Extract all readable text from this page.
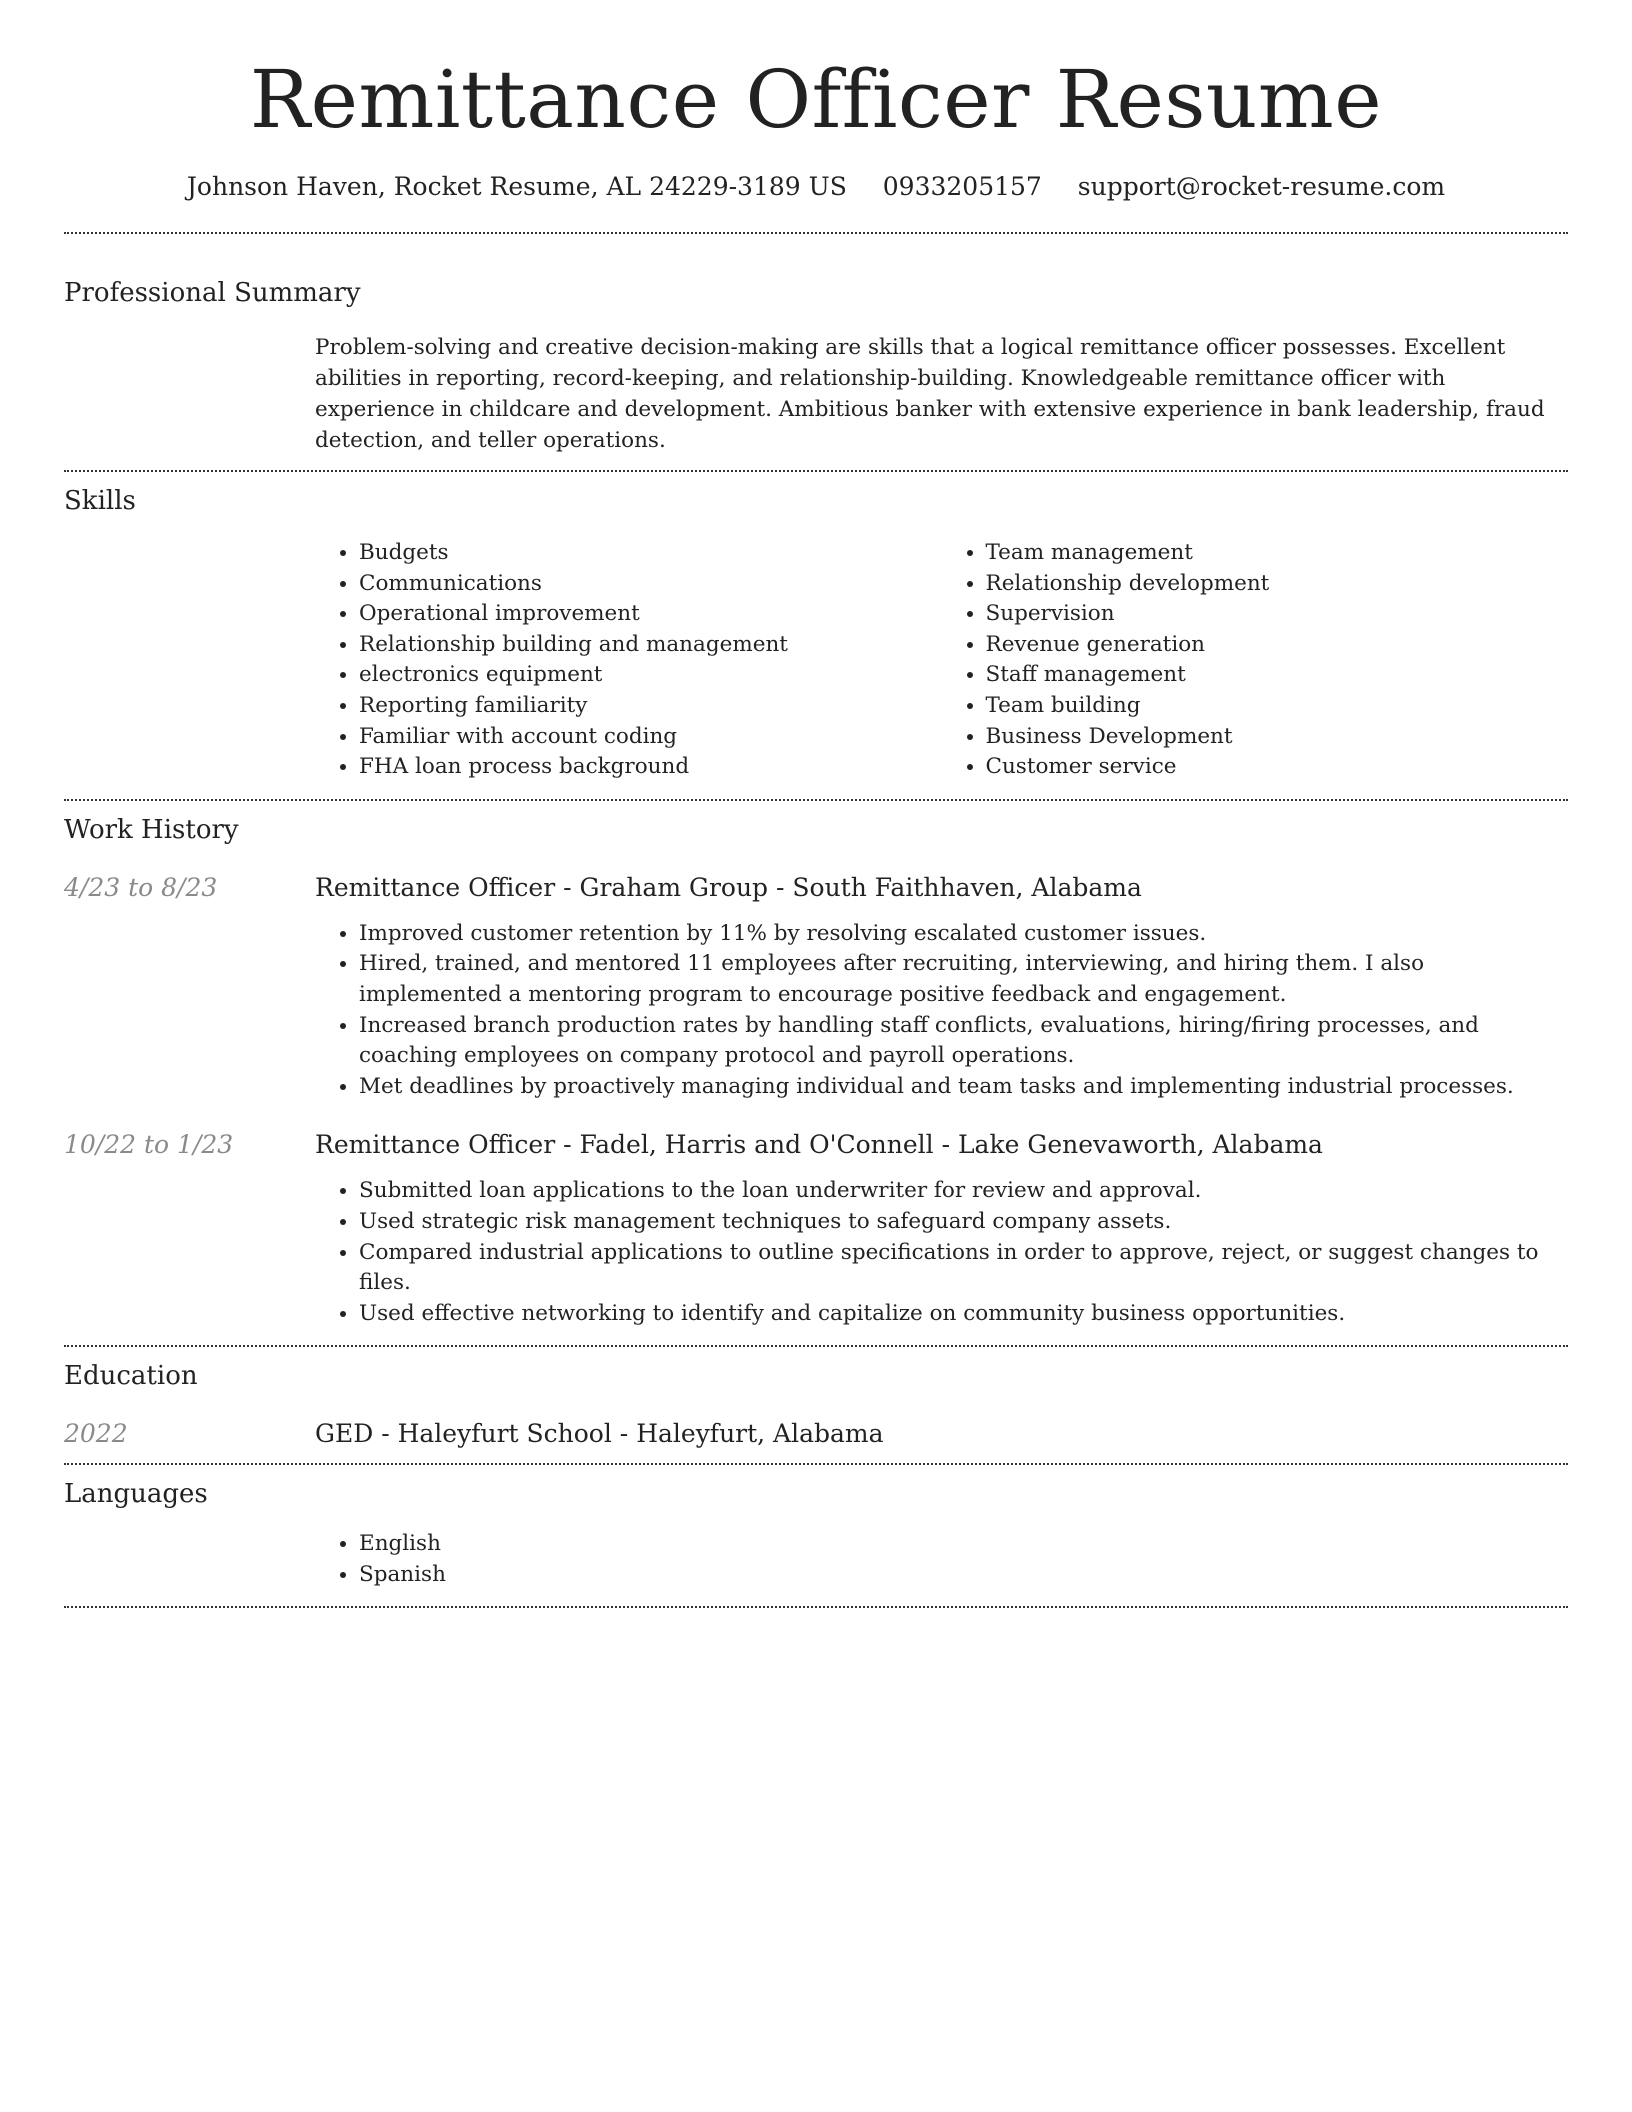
Remittance Officer Resume
Johnson Haven, Rocket Resume, AL 24229-3189 US 0933205157 support@rocket-resume.com
Professional Summary
Problem-solving and creative decision-making are skills that a logical remittance officer possesses. Excellent abilities in reporting, record-keeping, and relationship-building. Knowledgeable remittance officer with experience in childcare and development. Ambitious banker with extensive experience in bank leadership, fraud detection, and teller operations.
Skills
• Budgets
• Communications
• Operational improvement
• Relationship building and management
• electronics equipment
• Reporting familiarity
• Familiar with account coding
• FHA loan process background
• Team management
• Relationship development
• Supervision
• Revenue generation
• Staff management
• Team building
• Business Development
• Customer service
Work History
4/23 to 8/23	Remittance Officer - Graham Group - South Faithhaven, Alabama
• Improved customer retention by 11% by resolving escalated customer issues.
• Hired, trained, and mentored 11 employees after recruiting, interviewing, and hiring them. I also implemented a mentoring program to encourage positive feedback and engagement.
• Increased branch production rates by handling staff conflicts, evaluations, hiring/firing processes, and coaching employees on company protocol and payroll operations.
• Met deadlines by proactively managing individual and team tasks and implementing industrial processes.
10/22 to 1/23	Remittance Officer - Fadel, Harris and O'Connell - Lake Genevaworth, Alabama
• Submitted loan applications to the loan underwriter for review and approval.
• Used strategic risk management techniques to safeguard company assets.
• Compared industrial applications to outline specifications in order to approve, reject, or suggest changes to files.
• Used effective networking to identify and capitalize on community business opportunities.
Education
2022	GED - Haleyfurt School - Haleyfurt, Alabama
Languages
• English
• Spanish
